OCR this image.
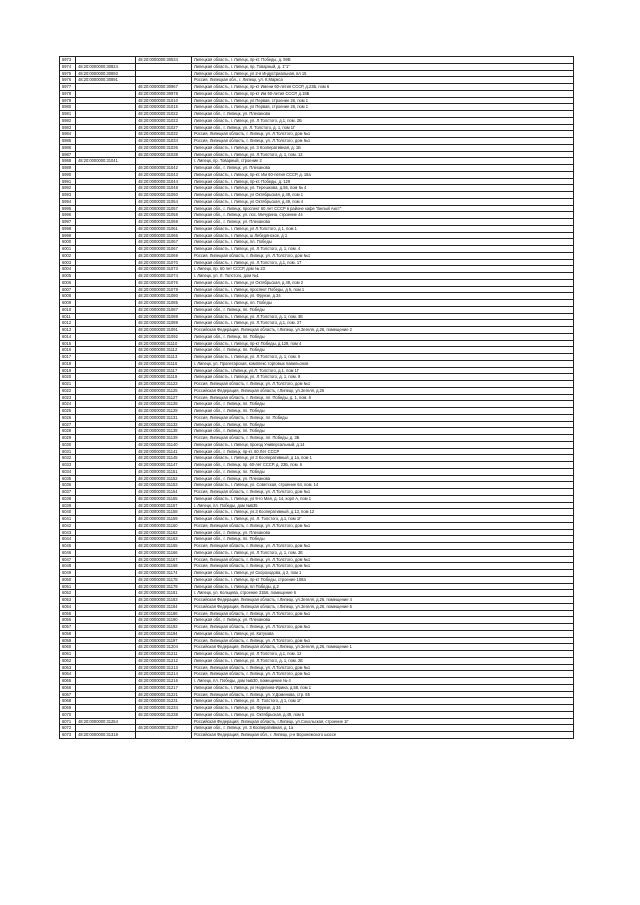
5973		48:20:0000000:30534	Липецкая область, г. Липецк, пр-кт. Победы, д. 59В
5974	48:20:0000000:30824		Липецкая область, г. Липецк, пр. Товарный, д. 1"1"
5975	48:20:0000000:30893		Липецкая область, г. Липецк, ул 2-я Индустриальная, вл 15
5976	48:20:0000000:30891		Россия, Липецкая обл., г. Липецк, ул. К.Маркса
5977		48:20:0000000:30967	Липецкая область, г. Липецк, пр-кт Имени 60-летия СССР, д.23Б, пом 6
5978		48:20:0000000:30978	Липецкая область, г. Липецк, пр-кт Им 60-летия СССР, д.18Б
5979		48:20:0000000:31010	Липецкая область, г. Липецк, ул Первая, строение 26, пом 1
5980		48:20:0000000:31015	Липецкая область, г. Липецк, ул Первая, строение 26, пом 1
5981		48:20:0000000:31022	Липецкая обл., г. Липецк, ул. Плеханова
5982		48:20:0000000:31023	Липецкая область, г. Липецк, ул. Л.Толстого, д.1, пом. 2Б
5983		48:20:0000000:31027	Липецкая обл., г. Липецк, ул. Л. Толстого, д. 1, пом 1Г
5984		48:20:0000000:31032	Россия, Липецкая область, г. Липецк, ул. Л.Толстого, дом №1
5985		48:20:0000000:31034	Россия, Липецкая область, г. Липецк, ул. Л.Толстого, дом №1
5986		48:20:0000000:31036	Липецкая область, г. Липецк, ул. 3 Кооперативная, д. 1Б
5987		48:20:0000000:31038	Липецкая область, г. Липецк, ул. Л.Толстого, д. 1, пом. 12
5988	48:20:0000000:31041		г. Липецк, пр. Товарный, строение 2
5989		48:20:0000000:31042	Липецкая обл., г. Липецк, ул. Плеханова
5990		48:20:0000000:31043	Липецкая область, г. Липецк, пр-кт. Им 60-летия СССР, д. 18а
5991		48:20:0000000:31044	Липецкая область, г. Липецк, пр-кт. Победы, д. 129
5992		48:20:0000000:31048	Липецкая область, г. Липецк, ул. Терешкова, д.55, пом № 4
5993		48:20:0000000:31050	Липецкая область, г. Липецк, ул Октябрьская, д 49, пом 1
5994		48:20:0000000:31054	Липецкая область, г. Липецк, ул Октябрьская, д.49, пом 4
5995		48:20:0000000:31057	Липецкая обл., г. Липецк, проспект 60 лет СССР в районе кафе "Белый Аист"
5996		48:20:0000000:31058	Липецкая обл., г. Липецк, ул. пос. Мичурина, строение 44
5997		48:20:0000000:31059	Липецкая обл., г. Липецк, ул. Плеханова
5998		48:20:0000000:31061	Липецкая область, г. Липецк, ул Л.Толстого, д 1, пом 1
5999		48:20:0000000:31066	Липецкая область, г. Липецк, ш Лебедянское, д 1
6000		48:20:0000000:31067	Липецкая область, г. Липецк, пл. Победы
6001		48:20:0000000:31067	Липецкая область, г. Липецк, ул. Л.Толстого, д. 1, пом. 4
6002		48:20:0000000:31069	Россия, Липецкая область, г. Липецк, ул. Л.Толстого, дом №1
6003		48:20:0000000:31070	Липецкая область, г. Липецк, ул. Л.Толстого, д.1, пом. 17
6004		48:20:0000000:31073	г. Липецк, пр. 60 лет СССР, дом № 23
6005		48:20:0000000:31074	г. Липецк, ул. Л. Толстого, дом №1
6006		48:20:0000000:31076	Липецкая область, г. Липецк, ул Октябрьская, д 49, пом 2
6007		48:20:0000000:31079	Липецкая область, г. Липецк, проспект Победы, д 5, пом 1
6008		48:20:0000000:31080	Липецкая область, г. Липецк, ул. Фрунзе, д.34
6009		48:20:0000000:31085	Липецкая область, г. Липецк, пл. Победы
6010		48:20:0000000:31087	Липецкая обл., г. Липецк, пл. Победы
6011		48:20:0000000:31088	Липецкая область, г. Липецк, ул. Л.Толстого, д. 1, пом. 3Е
6012		48:20:0000000:31089	Липецкая область, г. Липецк, ул. Л.Толстого, д.1, пом. 27
6013		48:20:0000000:31091	Российская Федерация, Липецкая область, г.Липецк, ул.Зегеля, д.26, помещение 2
6014		48:20:0000000:31092	Липецкая обл., г. Липецк, пл. Победы
6015		48:20:0000000:31110	Липецкая область, г. Липецк, пр-кт Победы, д.129, пом 4
6016		48:20:0000000:31112	Липецкая обл., г. Липецк, пл. Победы
6017		48:20:0000000:31113	Липецкая область, г. Липецк, ул. Л.Толстого, д. 1, пом. 6
6018		48:20:0000000:31116	г. Липецк, ул. Пролетарская, комплекс торговых павильонов
6019		48:20:0000000:31117	Липецкая область, г.Липецк, ул.Л. Толстого, д.1, пом 1Г
6020		48:20:0000000:31119	Липецкая область, г. Липецк, ул. Л.Толстого, д. 1, пом. 9
6021		48:20:0000000:31123	Россия, Липецкая область, г. Липецк, ул. Л.Толстого, дом №1
6022		48:20:0000000:31125	Российская Федерация, Липецкая область, г.Липецк, ул.Зегеля, д.26
6023		48:20:0000000:31127	Россия, Липецкая область, г. Липецк, пл. Победы, д. 1, пом. 6
6024		48:20:0000000:31128	Липецкая обл., г. Липецк, пл. Победы
6025		48:20:0000000:31129	Липецкая обл., г. Липецк, пл. Победы
6026		48:20:0000000:31131	Россия, Липецкая область, г. Липецк, пл. Победы
6027		48:20:0000000:31132	Липецкая обл., г. Липецк, пл. Победы
6028		48:20:0000000:31138	Липецкая обл., г. Липецк, пл. Победы
6029		48:20:0000000:31139	Россия, Липецкая область, г. Липецк, пл. Победы, д. 3Б
6030		48:20:0000000:31140	Липецкая область, г. Липецк, проезд Универсальный, д.14
6031		48:20:0000000:31141	Липецкая обл., г. Липецк, пр-кт. 60 Лет СССР
6032		48:20:0000000:31145	Липецкая область, г. Липецк, ул 3 Кооперативный, д 1а, пом 1
6033		48:20:0000000:31147	Липецкая обл., г. Липецк, пр. 60-лет СССР, д. 23Б, пом. 6
6034		48:20:0000000:31151	Липецкая обл., г. Липецк, пл. Победы
6035		48:20:0000000:31152	Липецкая обл., г. Липецк, ул. Плеханова
6036		48:20:0000000:31153	Липецкая область, г. Липецк, ул. Советская, строение 64, пом. 14
6037		48:20:0000000:31154	Россия, Липецкая область, г. Липецк, ул. Л.Толстого, дом №1
6038		48:20:0000000:31155	Липецкая область, г. Липецк, ул 9-го Мая, д. 14, корп А, пом 1
6039		48:20:0000000:31157	г. Липецк, пл. Победы, дом №Б35
6040		48:20:0000000:31158	Липецкая область, г. Липецк, ул.3 Кооперативный, д.13, пом 12
6041		48:20:0000000:31159	Липецкая область, г. Липецк, ул. Л. Толстого, д.1, пом 1Г
6042		48:20:0000000:31160	Россия, Липецкая область, г. Липецк, ул. Л.Толстого, дом №1
6043		48:20:0000000:31162	Липецкая обл., г. Липецк, ул. Плеханова
6044		48:20:0000000:31163	Липецкая обл., г. Липецк, пл. Победы
6045		48:20:0000000:31165	Россия, Липецкая область, г. Липецк, ул. Л.Толстого, дом №1
6046		48:20:0000000:31166	Липецкая область, г. Липецк, ул. Л.Толстого, д. 1, пом. 3Е
6047		48:20:0000000:31167	Россия, Липецкая область, г. Липецк, ул. Л.Толстого, дом №1
6048		48:20:0000000:31168	Россия, Липецкая область, г. Липецк, ул. Л.Толстого, дом №1
6049		48:20:0000000:31174	Липецкая область, г. Липецк, ул Скороходова, д 2, пом 1
6050		48:20:0000000:31178	Липецкая область, г. Липецк, пр-кт Победы, строение 108а
6051		48:20:0000000:31179	Липецкая область, г. Липецк, пл Победы, д.2
6052		48:20:0000000:31181	г. Липецк, ул. Кольцева, строение 31Б6, помещение 6
6053		48:20:0000000:31183	Российская Федерация, Липецкая область, г.Липецк, ул.Зегеля, д.26, помещение 4
6054		48:20:0000000:31184	Российская Федерация, Липецкая область, г.Липецк, ул.Зегеля, д.26, помещение 5
6055		48:20:0000000:31186	Россия, Липецкая область, г. Липецк, ул. Л.Толстого, дом №1
6056		48:20:0000000:31190	Липецкая обл., г. Липецк, ул. Плеханова
6057		48:20:0000000:31192	Россия, Липецкая область, г. Липецк, ул. Л.Толстого, дом №1
6058		48:20:0000000:31194	Липецкая область, г. Липецк, ул. Катукова
6059		48:20:0000000:31197	Россия, Липецкая область, г. Липецк, ул. Л.Толстого, дом №1
6060		48:20:0000000:31204	Российская Федерация, Липецкая область, г.Липецк, ул.Зегеля, д.26, помещение 1
6061		48:20:0000000:31211	Липецкая область, г. Липецк, ул. Л.Толстого, д.1, пом. 12
6062		48:20:0000000:31212	Липецкая область, г. Липецк, ул. Л.Толстого, д. 1, пом. 2Е
6063		48:20:0000000:31213	Россия, Липецкая область, г. Липецк, ул. Л.Толстого, дом №1
6064		48:20:0000000:31214	Россия, Липецкая область, г. Липецк, ул. Л.Толстого, дом №1
6065		48:20:0000000:31216	г. Липецк, пл. Победы, дом №Б30, помещение № 4
6066		48:20:0000000:31217	Липецкая область, г. Липецк, ул Неделина-Ирина, д.58, пом 1
6067		48:20:0000000:31221	Россия, Липецкая область, г. Липецк, ул. У.Доменова, стр. 55
6068		48:20:0000000:31231	Липецкая область, г. Липецк, ул. Л. Толстого, д 1, пом 1Г
6069		48:20:0000000:31234	Липецкая область, г. Липецк, ул. Фрунзе, д 34
6070		48:20:0000000:31238	Липецкая область, г. Липецк, ул. Октябрьская, д.49, пом 5
6071	48:20:0000000:31254		Российская Федерация, Липецкая область, г.Липецк, ул.Сокольская, строение 1Г
6072		48:20:0000000:31257	Липецкая обл., г. Липецк, ул. 3 Кооперативная, д. 1а
6073	48:20:0000000:31318		Российская Федерация, Липецкая обл., г. Липецк, р-н Воронежского шоссе
